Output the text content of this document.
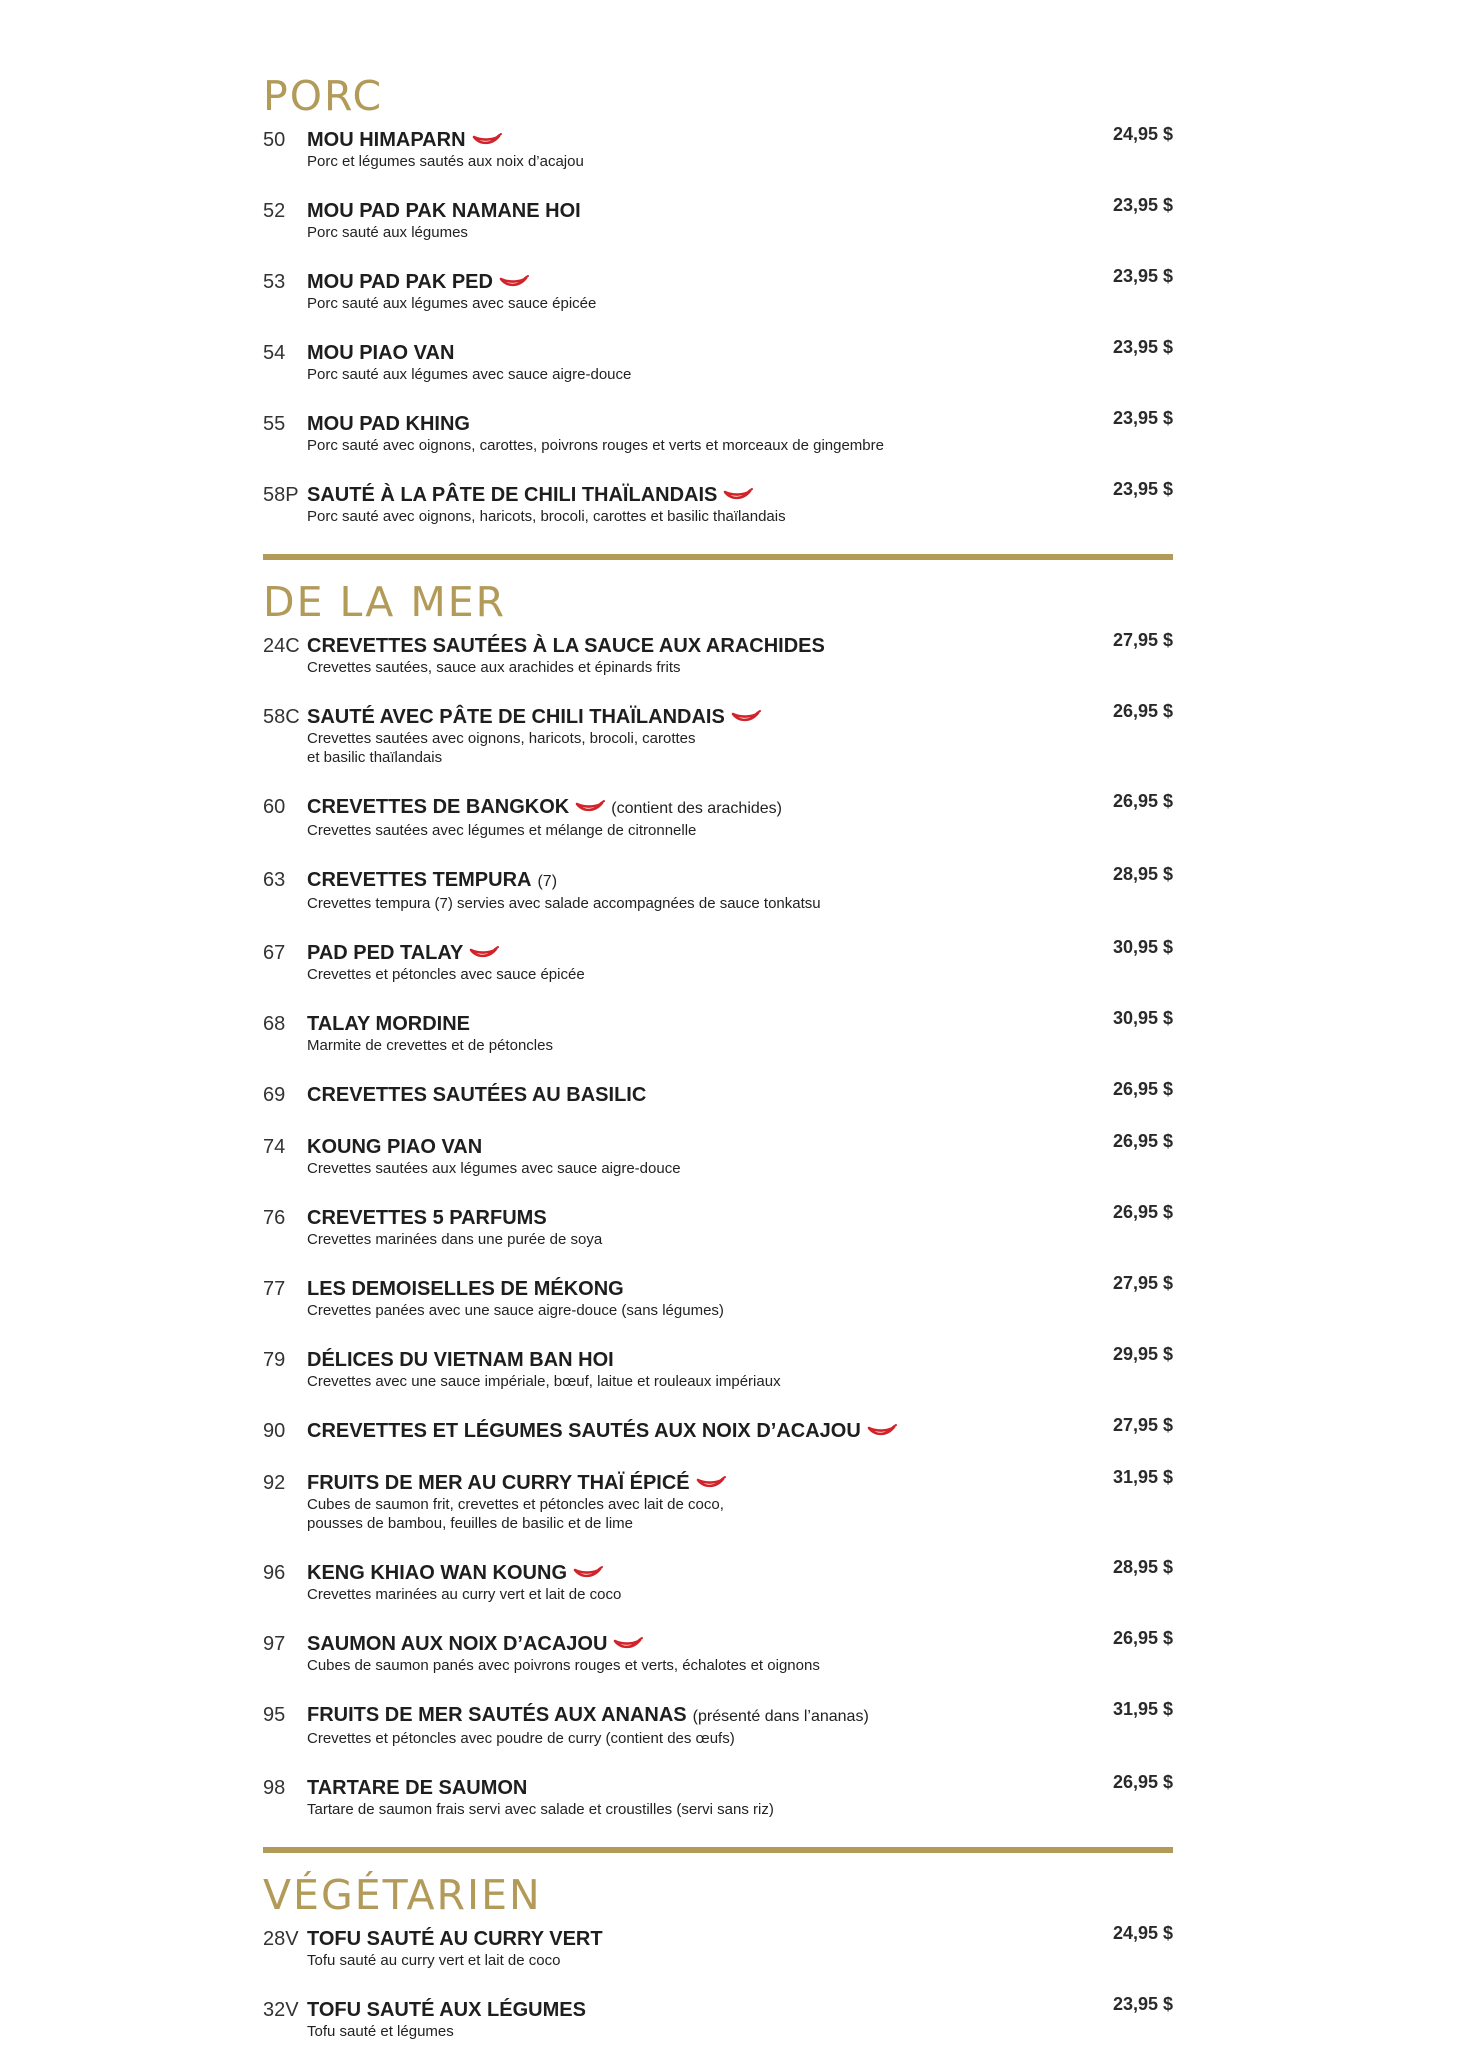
PORC
50	MOU HIMAPARN
Porc et légumes sautés aux noix d’acajou
24,95 $
52	MOU PAD PAK NAMANE HOI
Porc sauté aux légumes
23,95 $
53	MOU PAD PAK PED
Porc sauté aux légumes avec sauce épicée
23,95 $
54	MOU PIAO VAN
Porc sauté aux légumes avec sauce aigre-douce
23,95 $
55	MOU PAD KHING
Porc sauté avec oignons, carottes, poivrons rouges et verts et morceaux de gingembre
23,95 $
58P SAUTÉ À LA PÂTE DE CHILI THAÏLANDAIS
Porc sauté avec oignons, haricots, brocoli, carottes et basilic thaïlandais
23,95 $
DE LA MER
24C CREVETTES SAUTÉES À LA SAUCE AUX ARACHIDES
Crevettes sautées, sauce aux arachides et épinards frits
27,95 $
58C SAUTÉ AVEC PÂTE DE CHILI THAÏLANDAIS
Crevettes sautées avec oignons, haricots, brocoli, carottes
et basilic thaïlandais
26,95 $
60	CREVETTES DE BANGKOK	(contient des arachides)
Crevettes sautées avec légumes et mélange de citronnelle
26,95 $
63	CREVETTES TEMPURA (7)
Crevettes tempura (7) servies avec salade accompagnées de sauce tonkatsu
28,95 $
67	PAD PED TALAY
Crevettes et pétoncles avec sauce épicée
30,95 $
68	TALAY MORDINE
Marmite de crevettes et de pétoncles
30,95 $
69	CREVETTES SAUTÉES AU BASILIC	26,95 $
74	KOUNG PIAO VAN
Crevettes sautées aux légumes avec sauce aigre-douce
26,95 $
76	CREVETTES 5 PARFUMS
Crevettes marinées dans une purée de soya
26,95 $
77	LES DEMOISELLES DE MÉKONG
Crevettes panées avec une sauce aigre-douce (sans légumes)
27,95 $
79	DÉLICES DU VIETNAM BAN HOI
Crevettes avec une sauce impériale, bœuf, laitue et rouleaux impériaux
29,95 $
90	CREVETTES ET LÉGUMES SAUTÉS AUX NOIX D’ACAJOU	27,95 $
92	FRUITS DE MER AU CURRY THAÏ ÉPICÉ
Cubes de saumon frit, crevettes et pétoncles avec lait de coco,
pousses de bambou, feuilles de basilic et de lime
31,95 $
96	KENG KHIAO WAN KOUNG
Crevettes marinées au curry vert et lait de coco
28,95 $
97	SAUMON AUX NOIX D’ACAJOU
Cubes de saumon panés avec poivrons rouges et verts, échalotes et oignons
26,95 $
95	FRUITS DE MER SAUTÉS AUX ANANAS (présenté dans l’ananas)
Crevettes et pétoncles avec poudre de curry (contient des œufs)
31,95 $
98	TARTARE DE SAUMON
Tartare de saumon frais servi avec salade et croustilles (servi sans riz)
26,95 $
VÉGÉTARIEN
28V TOFU SAUTÉ AU CURRY VERT
Tofu sauté au curry vert et lait de coco
24,95 $
32V TOFU SAUTÉ AUX LÉGUMES
Tofu sauté et légumes
23,95 $
